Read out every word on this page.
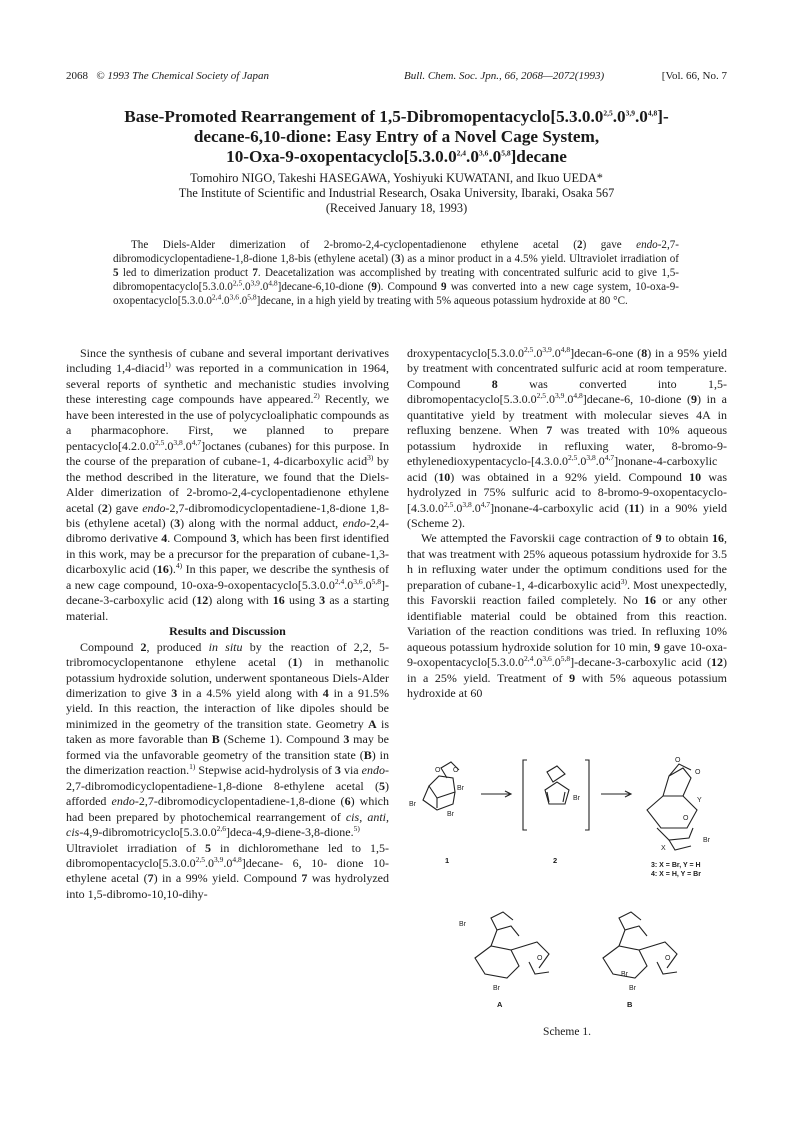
2068 © 1993 The Chemical Society of Japan	Bull. Chem. Soc. Jpn., 66, 2068—2072(1993)	[Vol. 66, No. 7
Base-Promoted Rearrangement of 1,5-Dibromopentacyclo[5.3.0.0$^{2,5}$.0$^{3,9}$.0$^{4,8}$]-
decane-6,10-dione: Easy Entry of a Novel Cage System,
10-Oxa-9-oxopentacyclo[5.3.0.0$^{2,4}$.0$^{3,6}$.0$^{5,8}$]decane
Tomohiro NIGO, Takeshi HASEGAWA, Yoshiyuki KUWATANI, and Ikuo UEDA*
The Institute of Scientific and Industrial Research, Osaka University, Ibaraki, Osaka 567
(Received January 18, 1993)
The Diels-Alder dimerization of 2-bromo-2,4-cyclopentadienone ethylene acetal (2) gave endo-2,7-dibromodicyclopentadiene-1,8-dione 1,8-bis (ethylene acetal) (3) as a minor product in a 4.5% yield. Ultraviolet irradiation of 5 led to dimerization product 7. Deacetalization was accomplished by treating with concentrated sulfuric acid to give 1,5-dibromopentacyclo[5.3.0.0$^{2,5}$.0$^{3,9}$.0$^{4,8}$]decane-6,10-dione (9). Compound 9 was converted into a new cage system, 10-oxa-9-oxopentacyclo[5.3.0.0$^{2,4}$.0$^{3,6}$.0$^{5,8}$]decane, in a high yield by treating with 5% aqueous potassium hydroxide at 80 °C.

Since the synthesis of cubane and several important derivatives including 1,4-diacid$^{1)}$ was reported in a communication in 1964, several reports of synthetic and mechanistic studies involving these interesting cage compounds have appeared.$^{2)}$ Recently, we have been interested in the use of polycycloaliphatic compounds as a pharmacophore. First, we planned to prepare pentacyclo[4.2.0.0$^{2,5}$.0$^{3,8}$.0$^{4,7}$]octanes (cubanes) for this purpose. In the course of the preparation of cubane-1, 4-dicarboxylic acid$^{3)}$ by the method described in the literature, we found that the Diels-Alder dimerization of 2-bromo-2,4-cyclopentadienone ethylene acetal (2) gave endo-2,7-dibromodicyclopentadiene-1,8-dione 1,8-bis (ethylene acetal) (3) along with the normal adduct, endo-2,4-dibromo derivative 4. Compound 3, which has been first identified in this work, may be a precursor for the preparation of cubane-1,3-dicarboxylic acid (16).$^{4)}$ In this paper, we describe the synthesis of a new cage compound, 10-oxa-9-oxopentacyclo[5.3.0.0$^{2,4}$.0$^{3,6}$.0$^{5,8}$]-decane-3-carboxylic acid (12) along with 16 using 3 as a starting material.

Results and Discussion

Compound 2, produced in situ by the reaction of 2,2, 5-tribromocyclopentanone ethylene acetal (1) in methanolic potassium hydroxide solution, underwent spontaneous Diels-Alder dimerization to give 3 in a 4.5% yield along with 4 in a 91.5% yield. In this reaction, the interaction of like dipoles should be minimized in the geometry of the transition state. Geometry A is taken as more favorable than B (Scheme 1). Compound 3 may be formed via the unfavorable geometry of the transition state (B) in the dimerization reaction.$^{1)}$ Stepwise acid-hydrolysis of 3 via endo-2,7-dibromodicyclopentadiene-1,8-dione 8-ethylene acetal (5) afforded endo-2,7-dibromodicyclopentadiene-1,8-dione (6) which had been prepared by photochemical rearrangement of cis, anti, cis-4,9-dibromotricyclo[5.3.0.0$^{2,6}$]deca-4,9-diene-3,8-dione.$^{5)}$ Ultraviolet irradiation of 5 in dichloromethane led to 1,5- dibromopentacyclo[5.3.0.0$^{2,5}$.0$^{3,9}$.0$^{4,8}$]decane- 6, 10- dione 10-ethylene acetal (7) in a 99% yield. Compound 7 was hydrolyzed into 1,5-dibromo-10,10-dihy-

droxypentacyclo[5.3.0.0$^{2,5}$.0$^{3,9}$.0$^{4,8}$]decan-6-one (8) in a 95% yield by treatment with concentrated sulfuric acid at room temperature. Compound 8 was converted into 1,5-dibromopentacyclo[5.3.0.0$^{2,5}$.0$^{3,9}$.0$^{4,8}$]decane-6, 10-dione (9) in a quantitative yield by treatment with molecular sieves 4A in refluxing benzene. When 7 was treated with 10% aqueous potassium hydroxide in refluxing water, 8-bromo-9-ethylenedioxypentacyclo-[4.3.0.0$^{2,5}$.0$^{3,8}$.0$^{4,7}$]nonane-4-carboxylic acid (10) was obtained in a 92% yield. Compound 10 was hydrolyzed in 75% sulfuric acid to 8-bromo-9-oxopentacyclo-[4.3.0.0$^{2,5}$.0$^{3,8}$.0$^{4,7}$]nonane-4-carboxylic acid (11) in a 90% yield (Scheme 2).

We attempted the Favorskii cage contraction of 9 to obtain 16, that was treatment with 25% aqueous potassium hydroxide for 3.5 h in refluxing water under the optimum conditions used for the preparation of cubane-1, 4-dicarboxylic acid$^{3)}$. Most unexpectedly, this Favorskii reaction failed completely. No 16 or any other identifiable material could be obtained from this reaction. Variation of the reaction conditions was tried. In refluxing 10% aqueous potassium hydroxide solution for 10 min, 9 gave 10-oxa-9-oxopentacyclo[5.3.0.0$^{2,4}$.0$^{3,6}$.0$^{5,8}$]-decane-3-carboxylic acid (12) in a 25% yield. Treatment of 9 with 5% aqueous potassium hydroxide at 60

Br
Br
Br
O O
Br
O
O
Y
X
Br
O
Br
Br
O
Br
Br
O
1	2
3: X = Br, Y = H
4: X = H, Y = Br
A	B
Scheme 1.
